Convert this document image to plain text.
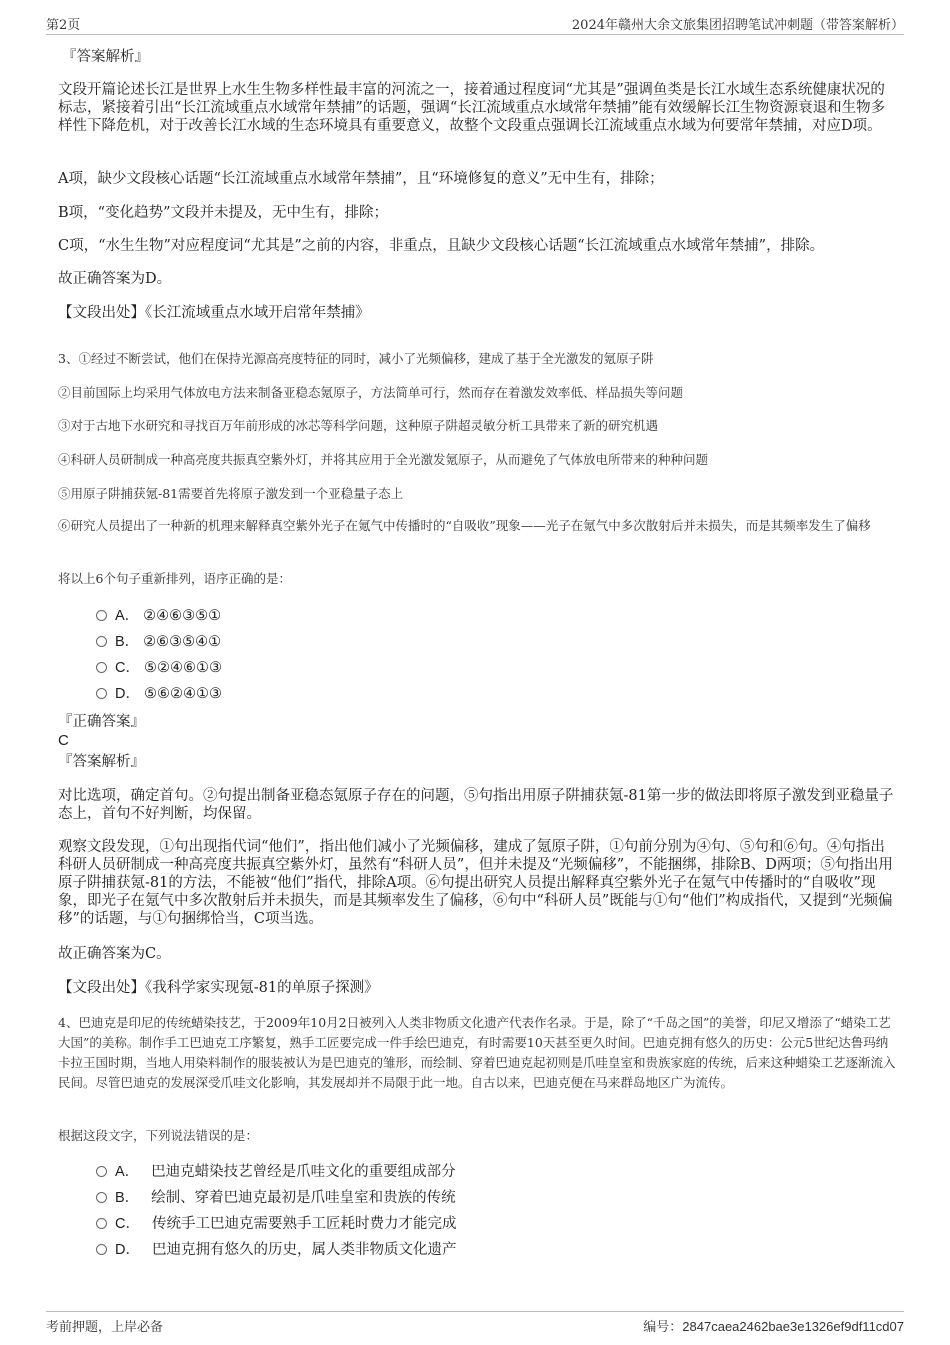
第2页	2024年赣州大余文旅集团招聘笔试冲刺题（带答案解析）
『答案解析』
文段开篇论述长江是世界上水生生物多样性最丰富的河流之一，接着通过程度词“尤其是”强调鱼类是长江水域生态系统健康状况的标志，紧接着引出“长江流域重点水域常年禁捕”的话题，强调“长江流域重点水域常年禁捕”能有效缓解长江生物资源衰退和生物多样性下降危机，对于改善长江水域的生态环境具有重要意义，故整个文段重点强调长江流域重点水域为何要常年禁捕，对应D项。
A项，缺少文段核心话题“长江流域重点水域常年禁捕”，且“环境修复的意义”无中生有，排除；
B项，“变化趋势”文段并未提及，无中生有，排除；
C项，“水生生物”对应程度词“尤其是”之前的内容，非重点，且缺少文段核心话题“长江流域重点水域常年禁捕”，排除。
故正确答案为D。
【文段出处】《长江流域重点水域开启常年禁捕》
3、①经过不断尝试，他们在保持光源高亮度特征的同时，减小了光频偏移，建成了基于全光激发的氪原子阱
②目前国际上均采用气体放电方法来制备亚稳态氪原子，方法简单可行，然而存在着激发效率低、样品损失等问题
③对于古地下水研究和寻找百万年前形成的冰芯等科学问题，这种原子阱超灵敏分析工具带来了新的研究机遇
④科研人员研制成一种高亮度共振真空紫外灯，并将其应用于全光激发氪原子，从而避免了气体放电所带来的种种问题
⑤用原子阱捕获氪-81需要首先将原子激发到一个亚稳量子态上
⑥研究人员提出了一种新的机理来解释真空紫外光子在氪气中传播时的“自吸收”现象——光子在氪气中多次散射后并未损失，而是其频率发生了偏移
将以上6个句子重新排列，语序正确的是：
A． ②④⑥③⑤①
B． ②⑥③⑤④①
C． ⑤②④⑥①③
D． ⑤⑥②④①③
『正确答案』
C
『答案解析』
对比选项，确定首句。②句提出制备亚稳态氪原子存在的问题，⑤句指出用原子阱捕获氪-81第一步的做法即将原子激发到亚稳量子态上，首句不好判断，均保留。
观察文段发现，①句出现指代词“他们”，指出他们减小了光频偏移，建成了氪原子阱，①句前分别为④句、⑤句和⑥句。④句指出科研人员研制成一种高亮度共振真空紫外灯，虽然有“科研人员”，但并未提及“光频偏移”，不能捆绑，排除B、D两项；⑤句指出用原子阱捕获氪-81的方法，不能被“他们”指代，排除A项。⑥句提出研究人员提出解释真空紫外光子在氪气中传播时的“自吸收”现象，即光子在氪气中多次散射后并未损失，而是其频率发生了偏移，⑥句中“科研人员”既能与①句“他们”构成指代，又提到“光频偏移”的话题，与①句捆绑恰当，C项当选。
故正确答案为C。
【文段出处】《我科学家实现氪-81的单原子探测》
4、巴迪克是印尼的传统蜡染技艺，于2009年10月2日被列入人类非物质文化遗产代表作名录。于是，除了“千岛之国”的美誉，印尼又增添了“蜡染工艺大国”的美称。制作手工巴迪克工序繁复，熟手工匠要完成一件手绘巴迪克，有时需要10天甚至更久时间。巴迪克拥有悠久的历史：公元5世纪达鲁玛纳卡拉王国时期，当地人用染料制作的服装被认为是巴迪克的雏形，而绘制、穿着巴迪克起初则是爪哇皇室和贵族家庭的传统，后来这种蜡染工艺逐渐流入民间。尽管巴迪克的发展深受爪哇文化影响，其发展却并不局限于此一地。自古以来，巴迪克便在马来群岛地区广为流传。
根据这段文字，下列说法错误的是：
A． 巴迪克蜡染技艺曾经是爪哇文化的重要组成部分
B． 绘制、穿着巴迪克最初是爪哇皇室和贵族的传统
C． 传统手工巴迪克需要熟手工匠耗时费力才能完成
D． 巴迪克拥有悠久的历史，属人类非物质文化遗产
考前押题，上岸必备	编号：2847caea2462bae3e1326ef9df11cd07
